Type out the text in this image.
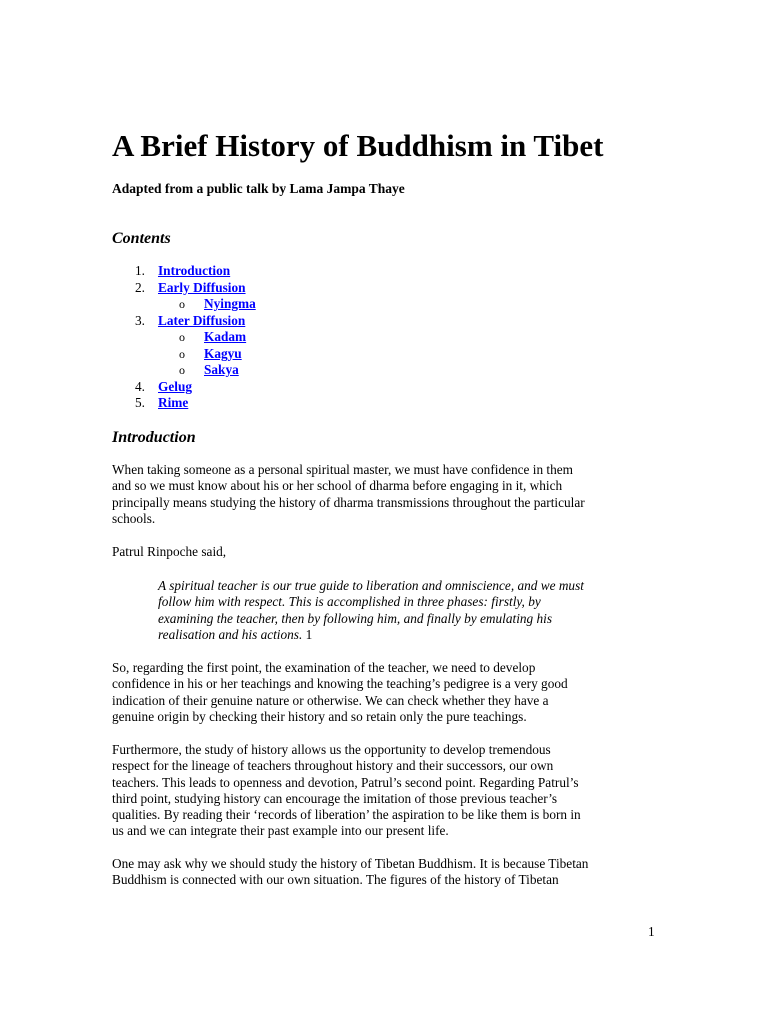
A Brief History of Buddhism in Tibet

Adapted from a public talk by Lama Jampa Thaye

Contents
1. Introduction
2. Early Diffusion
o Nyingma
3. Later Diffusion
o Kadam
o Kagyu
o Sakya
4. Gelug
5. Rime
Introduction

When taking someone as a personal spiritual master, we must have confidence in them
and so we must know about his or her school of dharma before engaging in it, which
principally means studying the history of dharma transmissions throughout the particular
schools.

Patrul Rinpoche said,

A spiritual teacher is our true guide to liberation and omniscience, and we must
follow him with respect. This is accomplished in three phases: firstly, by
examining the teacher, then by following him, and finally by emulating his
realisation and his actions. 1

So, regarding the first point, the examination of the teacher, we need to develop
confidence in his or her teachings and knowing the teaching’s pedigree is a very good
indication of their genuine nature or otherwise. We can check whether they have a
genuine origin by checking their history and so retain only the pure teachings.

Furthermore, the study of history allows us the opportunity to develop tremendous
respect for the lineage of teachers throughout history and their successors, our own
teachers. This leads to openness and devotion, Patrul’s second point. Regarding Patrul’s
third point, studying history can encourage the imitation of those previous teacher’s
qualities. By reading their ‘records of liberation’ the aspiration to be like them is born in
us and we can integrate their past example into our present life.

One may ask why we should study the history of Tibetan Buddhism. It is because Tibetan
Buddhism is connected with our own situation. The figures of the history of Tibetan

1
